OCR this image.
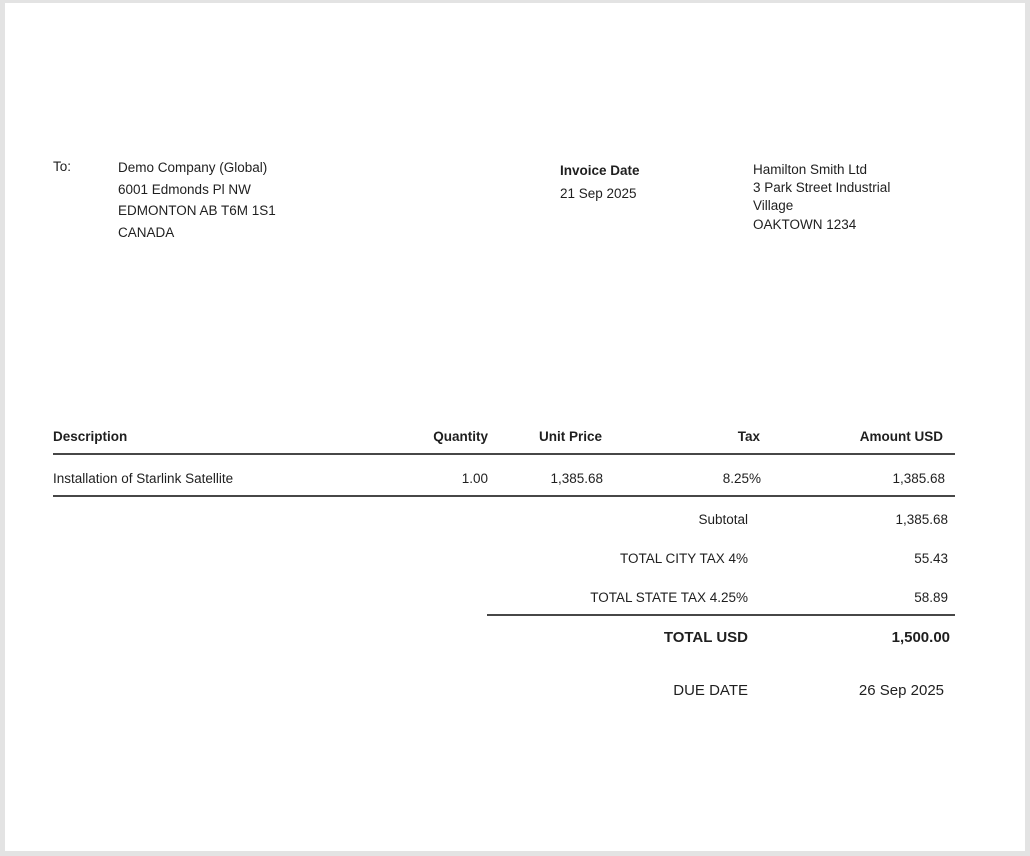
To:	Demo Company (Global)
6001 Edmonds Pl NW
EDMONTON AB T6M 1S1
CANADA
Invoice Date
21 Sep 2025
Hamilton Smith Ltd
3 Park Street Industrial
Village
OAKTOWN 1234
Description	Quantity	Unit Price	Tax	Amount USD
Installation of Starlink Satellite	1.00	1,385.68	8.25%	1,385.68
Subtotal	1,385.68
TOTAL CITY TAX 4%	55.43
TOTAL STATE TAX 4.25%	58.89
TOTAL USD	1,500.00
DUE DATE	26 Sep 2025
